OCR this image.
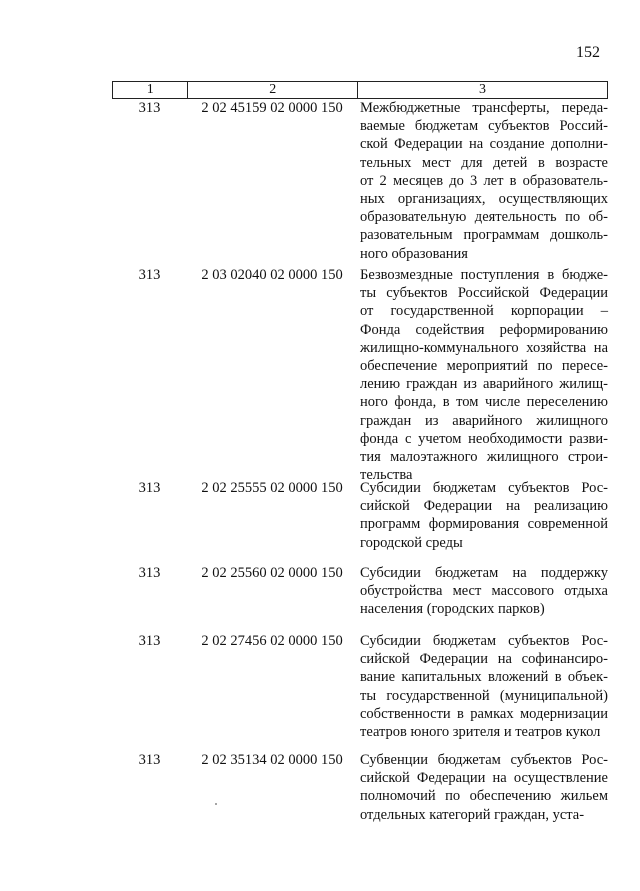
152
1	2	3
313	2 02 45159 02 0000 150	Межбюджетные трансферты, переда-
ваемые бюджетам субъектов Россий-
ской Федерации на создание дополни-
тельных мест для детей в возрасте
от 2 месяцев до 3 лет в образователь-
ных организациях, осуществляющих
образовательную деятельность по об-
разовательным программам дошколь-
ного образования
313	2 03 02040 02 0000 150	Безвозмездные поступления в бюдже-
ты субъектов Российской Федерации
от государственной корпорации –
Фонда содействия реформированию
жилищно-коммунального хозяйства на
обеспечение мероприятий по пересе-
лению граждан из аварийного жилищ-
ного фонда, в том числе переселению
граждан из аварийного жилищного
фонда с учетом необходимости разви-
тия малоэтажного жилищного строи-
тельства
313	2 02 25555 02 0000 150	Субсидии бюджетам субъектов Рос-
сийской Федерации на реализацию
программ формирования современной
городской среды
313	2 02 25560 02 0000 150	Субсидии бюджетам на поддержку
обустройства мест массового отдыха
населения (городских парков)
313	2 02 27456 02 0000 150	Субсидии бюджетам субъектов Рос-
сийской Федерации на софинансиро-
вание капитальных вложений в объек-
ты государственной (муниципальной)
собственности в рамках модернизации
театров юного зрителя и театров кукол
313	2 02 35134 02 0000 150	Субвенции бюджетам субъектов Рос-
сийской Федерации на осуществление
полномочий по обеспечению жильем
отдельных категорий граждан, уста-
